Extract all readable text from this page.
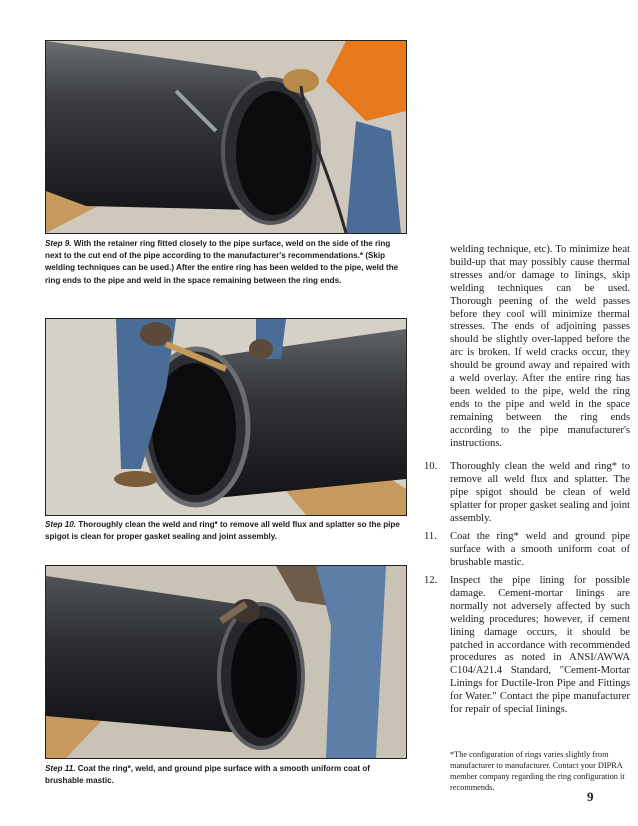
Step 9. With the retainer ring fitted closely to the pipe surface, weld on the side of the ring next to the cut end of the pipe according to the manufacturer's recommendations.* (Skip welding techniques can be used.) After the entire ring has been welded to the pipe, weld the ring ends to the pipe and weld in the space remaining between the ring ends.

Step 10. Thoroughly clean the weld and ring* to remove all weld flux and splatter so the pipe spigot is clean for proper gasket sealing and joint assembly.

Step 11. Coat the ring*, weld, and ground pipe surface with a smooth uniform coat of brushable mastic.

welding technique, etc). To minimize heat build-up that may possibly cause thermal stresses and/or damage to linings, skip welding techniques can be used. Thorough peening of the weld passes before they cool will minimize thermal stresses. The ends of adjoining passes should be slightly over-lapped before the arc is broken. If weld cracks occur, they should be ground away and repaired with a weld overlay. After the entire ring has been welded to the pipe, weld the ring ends to the pipe and weld in the space remaining between the ring ends according to the pipe manufacturer's instructions.

10. Thoroughly clean the weld and ring* to remove all weld flux and splatter. The pipe spigot should be clean of weld splatter for proper gasket sealing and joint assembly.

11. Coat the ring* weld and ground pipe surface with a smooth uniform coat of brushable mastic.

12. Inspect the pipe lining for possible damage. Cement-mortar linings are normally not adversely affected by such welding procedures; however, if cement lining damage occurs, it should be patched in accordance with recommended procedures as noted in ANSI/AWWA C104/A21.4 Standard, "Cement-Mortar Linings for Ductile-Iron Pipe and Fittings for Water." Contact the pipe manufacturer for repair of special linings.

*The configuration of rings varies slightly from manufacturer to manufacturer. Contact your DIPRA member company regarding the ring configuration it recommends.

9
